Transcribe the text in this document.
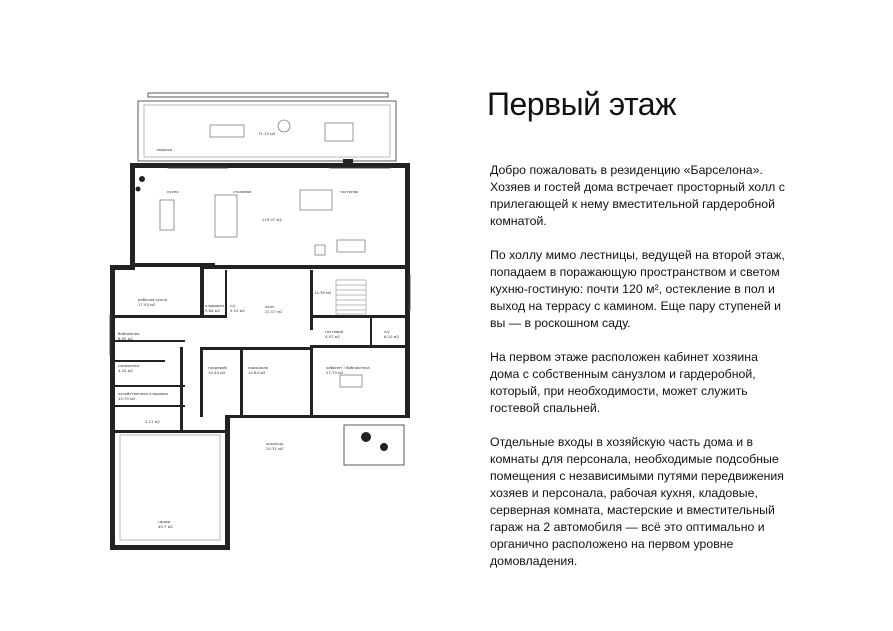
71.13 м2
терраса
кухня	столовая	гостиная
119.07 м2
рабочая кухня
17.05 м2	кладовая
5.64 м2
с/у
5.15 м2
холл
21.07 м2
14.39 м2
бойлерная
6.93 м2
гостевой
4.07 м2
с/у
6.10 м2
серверная
4.32 м2
гардероб
14.44 м2
прихожая
14.84 м2
кабинет / библиотека
27.70 м2
хозяйственная кладовая
15.70 м2
2.11 м2
крыльцо
24.31 м2
гараж
49.7 м2
Первый этаж

Добро пожаловать в резиденцию «Барселона». Хозяев и гостей дома встречает просторный холл с прилегающей к нему вместительной гардеробной комнатой.

По холлу мимо лестницы, ведущей на второй этаж, попадаем в поражающую пространством и светом кухню-гостиную: почти 120 м², остекление в пол и выход на террасу с камином. Еще пару ступеней и вы — в роскошном саду.

На первом этаже расположен кабинет хозяина дома с собственным санузлом и гардеробной, который, при необходимости, может служить гостевой спальней.

Отдельные входы в хозяйскую часть дома и в комнаты для персонала, необходимые подсобные помещения с независимыми путями передвижения хозяев и персонала, рабочая кухня, кладовые, серверная комната, мастерские и вместительный гараж на 2 автомобиля — всё это оптимально и органично расположено на первом уровне домовладения.
